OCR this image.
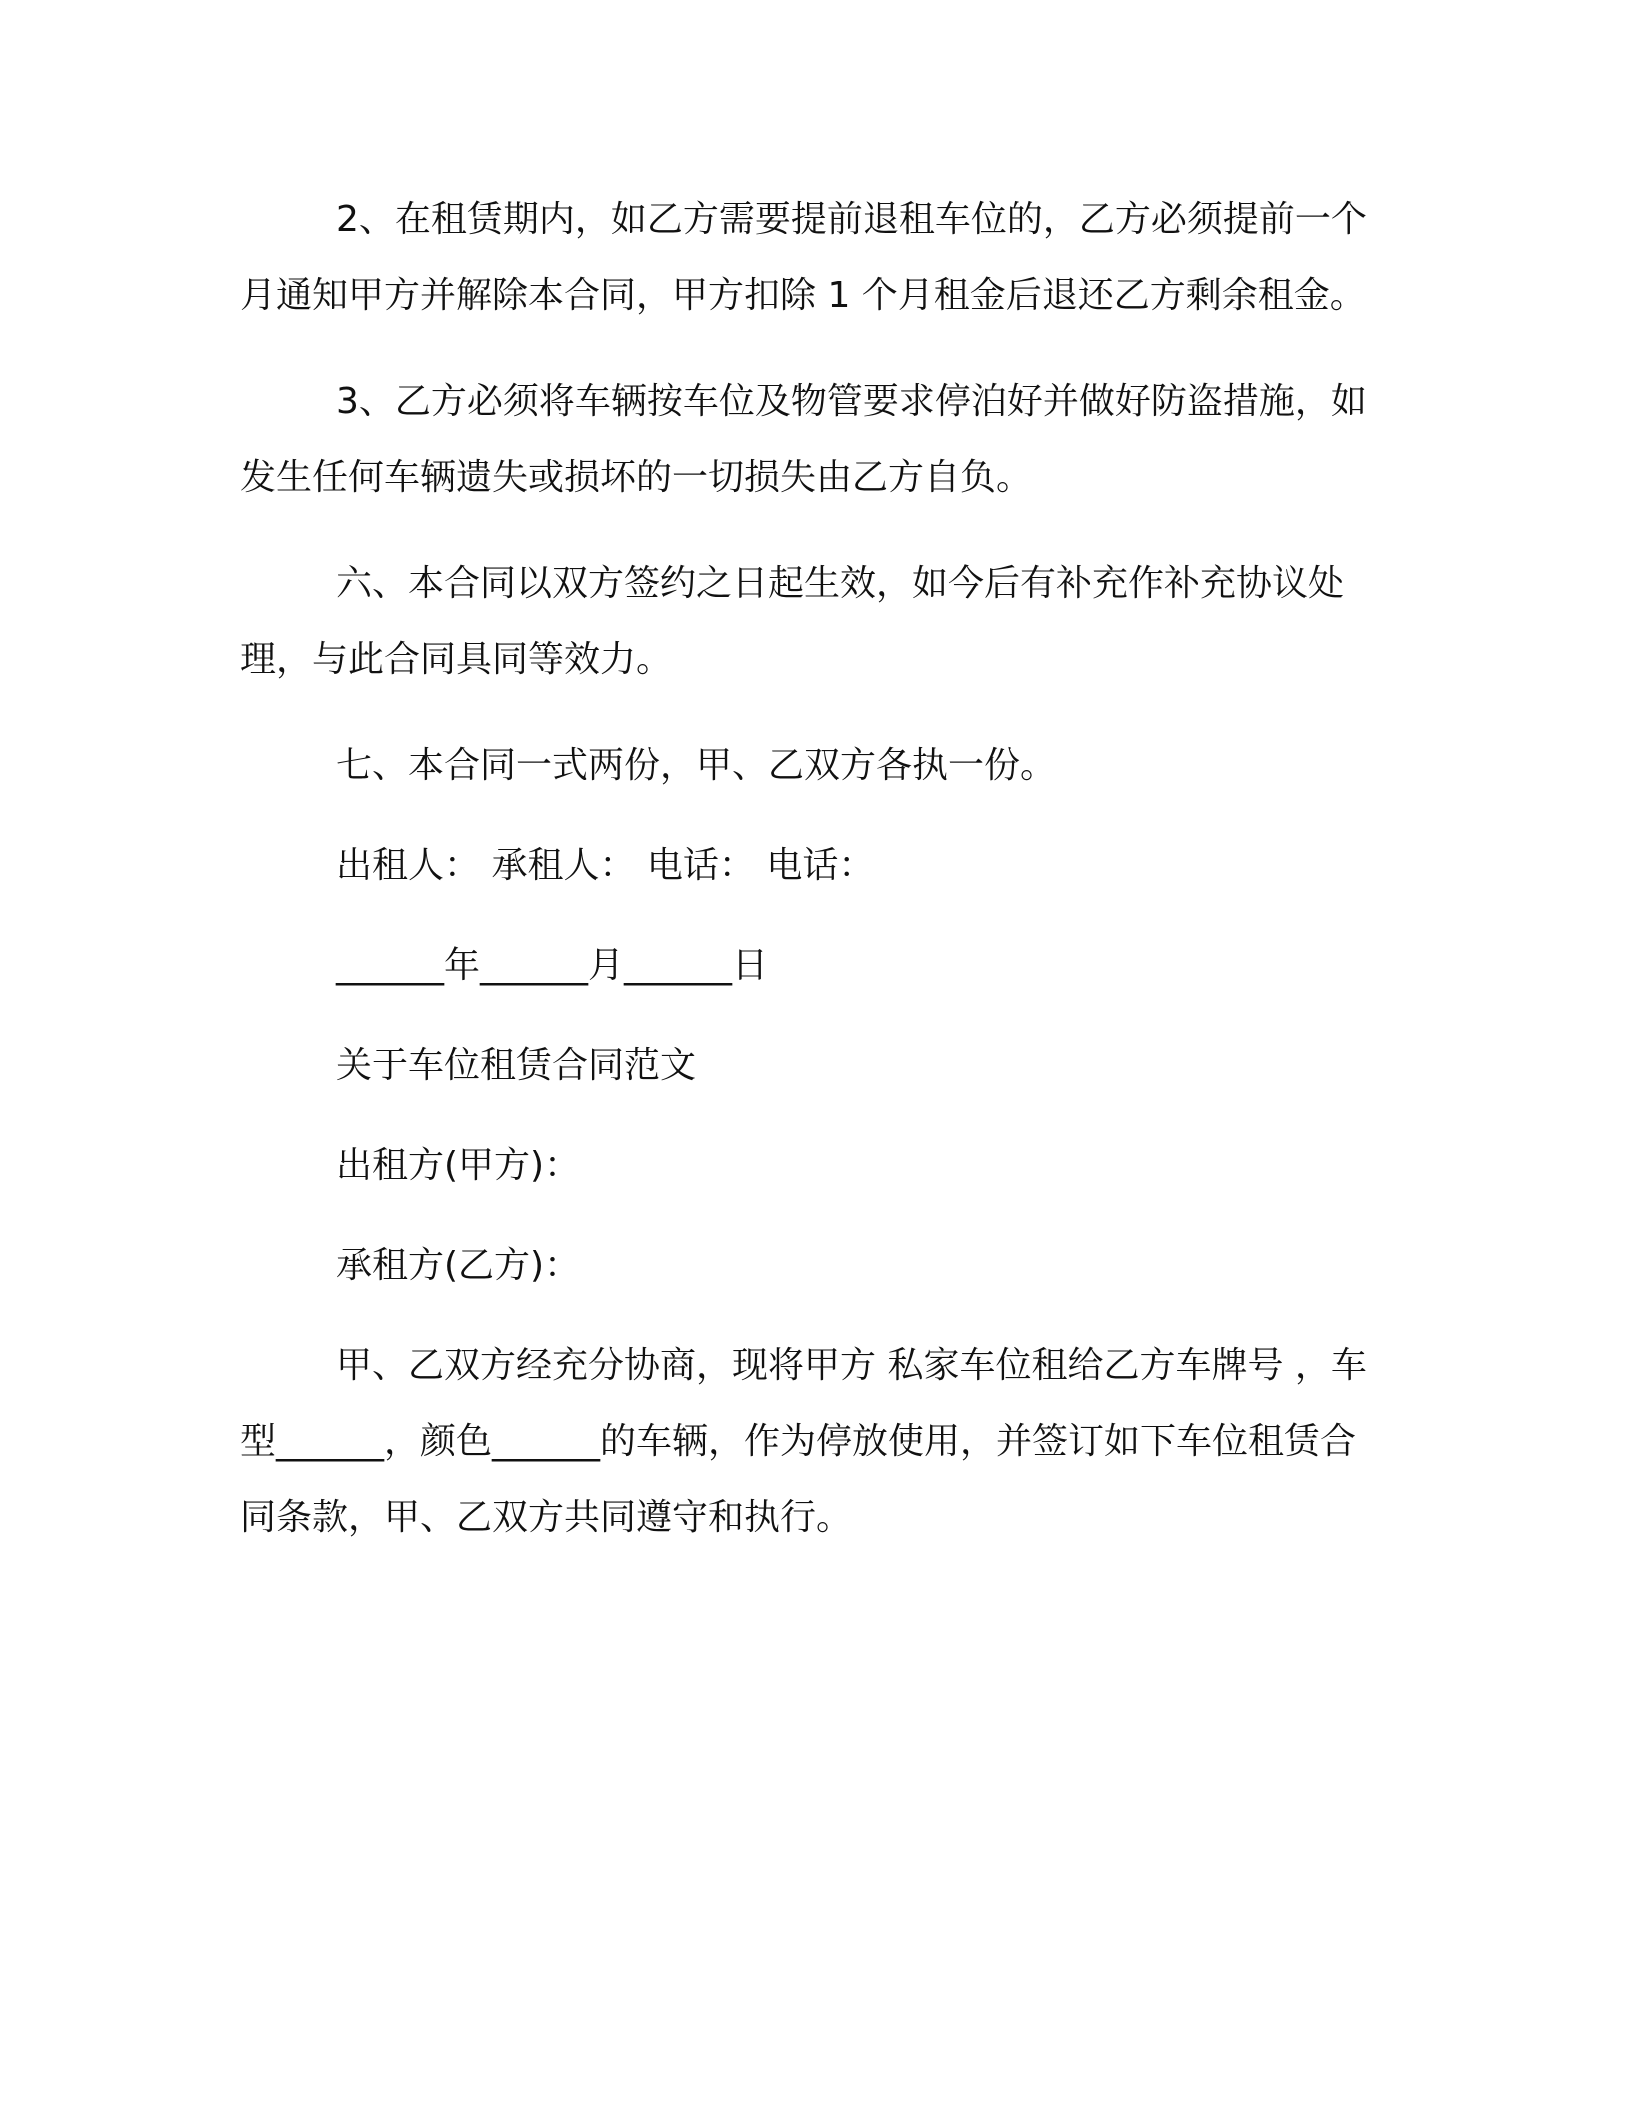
2、在租赁期内，如乙方需要提前退租车位的，乙方必须提前一个月通知甲方并解除本合同，甲方扣除 1 个月租金后退还乙方剩余租金。

3、乙方必须将车辆按车位及物管要求停泊好并做好防盗措施，如发生任何车辆遗失或损坏的一切损失由乙方自负。

六、本合同以双方签约之日起生效，如今后有补充作补充协议处理，与此合同具同等效力。

七、本合同一式两份，甲、乙双方各执一份。

出租人： 承租人： 电话： 电话：

______年______月______日

关于车位租赁合同范文

出租方(甲方)：

承租方(乙方)：

甲、乙双方经充分协商，现将甲方 私家车位租给乙方车牌号 ，车型______，颜色______的车辆，作为停放使用，并签订如下车位租赁合同条款，甲、乙双方共同遵守和执行。
